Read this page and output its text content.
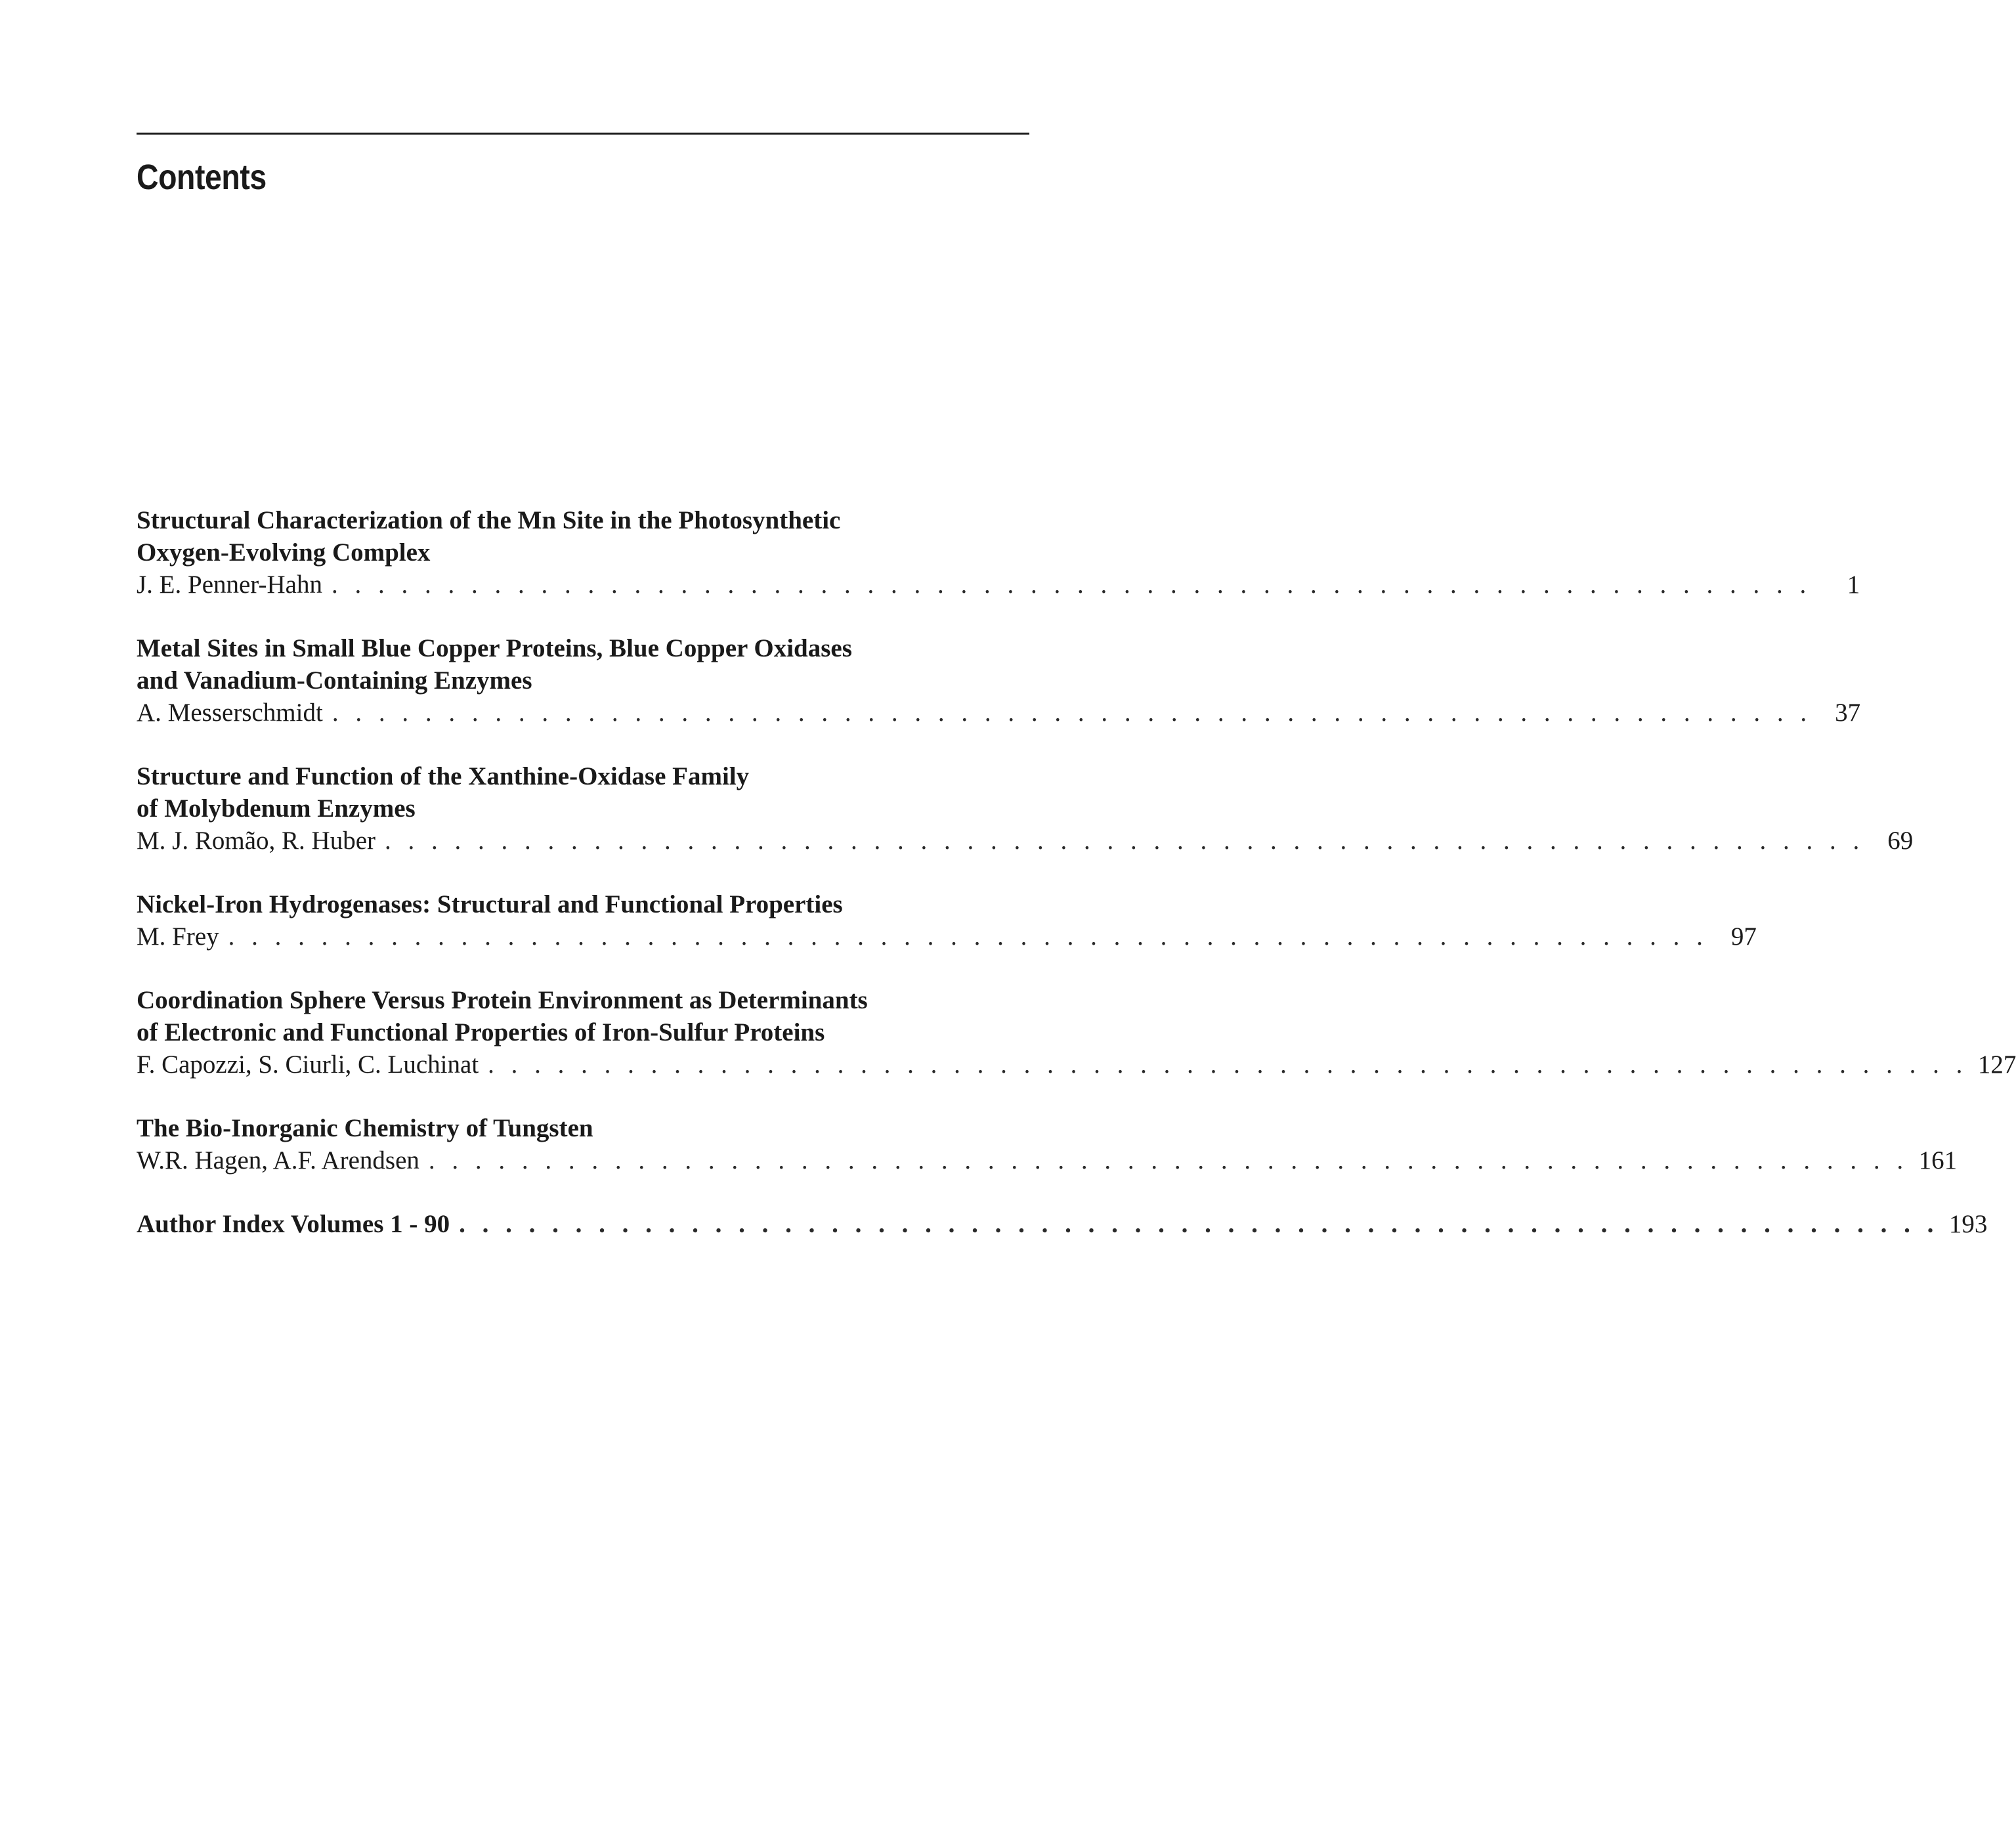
Contents
Structural Characterization of the Mn Site in the Photosynthetic
Oxygen-Evolving Complex
J. E. Penner-Hahn . . . . . . . . . . . . . . . . . . . . . . . . . . . . . . . . . . . . . . . . . . . . . . . . . . . . . . . . . . . . . . . .	1
Metal Sites in Small Blue Copper Proteins, Blue Copper Oxidases
and Vanadium-Containing Enzymes
A. Messerschmidt . . . . . . . . . . . . . . . . . . . . . . . . . . . . . . . . . . . . . . . . . . . . . . . . . . . . . . . . . . . . . . . . 37
Structure and Function of the Xanthine-Oxidase Family
of Molybdenum Enzymes
M. J. Romão, R. Huber . . . . . . . . . . . . . . . . . . . . . . . . . . . . . . . . . . . . . . . . . . . . . . . . . . . . . . . . . . . . . . . . 69
Nickel-Iron Hydrogenases: Structural and Functional Properties
M. Frey . . . . . . . . . . . . . . . . . . . . . . . . . . . . . . . . . . . . . . . . . . . . . . . . . . . . . . . . . . . . . . . . 97
Coordination Sphere Versus Protein Environment as Determinants
of Electronic and Functional Properties of Iron-Sulfur Proteins
F. Capozzi, S. Ciurli, C. Luchinat . . . . . . . . . . . . . . . . . . . . . . . . . . . . . . . . . . . . . . . . . . . . . . . . . . . . . . . . . . . . . . . . 127
The Bio-Inorganic Chemistry of Tungsten
W.R. Hagen, A.F. Arendsen . . . . . . . . . . . . . . . . . . . . . . . . . . . . . . . . . . . . . . . . . . . . . . . . . . . . . . . . . . . . . . . . 161
Author Index Volumes 1 - 90 . . . . . . . . . . . . . . . . . . . . . . . . . . . . . . . . . . . . . . . . . . . . . . . . . . . . . . . . . . . . . . . . 193
